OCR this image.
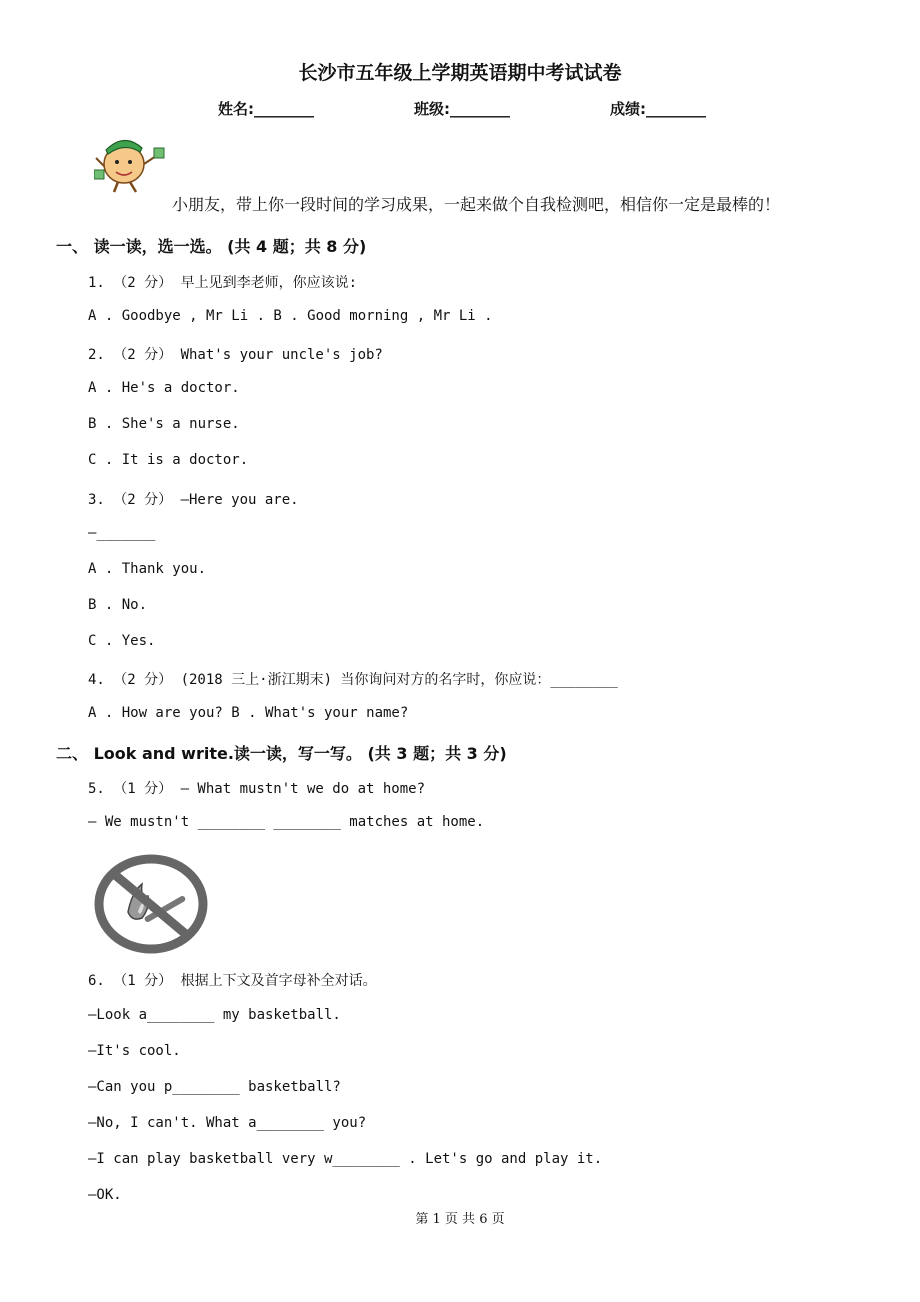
长沙市五年级上学期英语期中考试试卷
姓名:________	班级:________	成绩:________
小朋友，带上你一段时间的学习成果，一起来做个自我检测吧，相信你一定是最棒的！
一、 读一读，选一选。 (共 4 题；共 8 分)
1. （2 分） 早上见到李老师，你应该说:
A . Goodbye , Mr Li . B . Good morning , Mr Li .
2. （2 分） What's your uncle's job?
A . He's a doctor.
B . She's a nurse.
C . It is a doctor.
3. （2 分） —Here you are.
—_______
A . Thank you.
B . No.
C . Yes.
4. （2 分） (2018 三上·浙江期末) 当你询问对方的名字时，你应说：________
A . How are you? B . What's your name?
二、 Look and write.读一读，写一写。 (共 3 题；共 3 分)
5. （1 分） — What mustn't we do at home?
— We mustn't ________ ________ matches at home.
6. （1 分） 根据上下文及首字母补全对话。
—Look a________ my basketball.
—It's cool.
—Can you p________ basketball?
—No, I can't. What a________ you?
—I can play basketball very w________ . Let's go and play it.
—OK.
第 1 页 共 6 页
